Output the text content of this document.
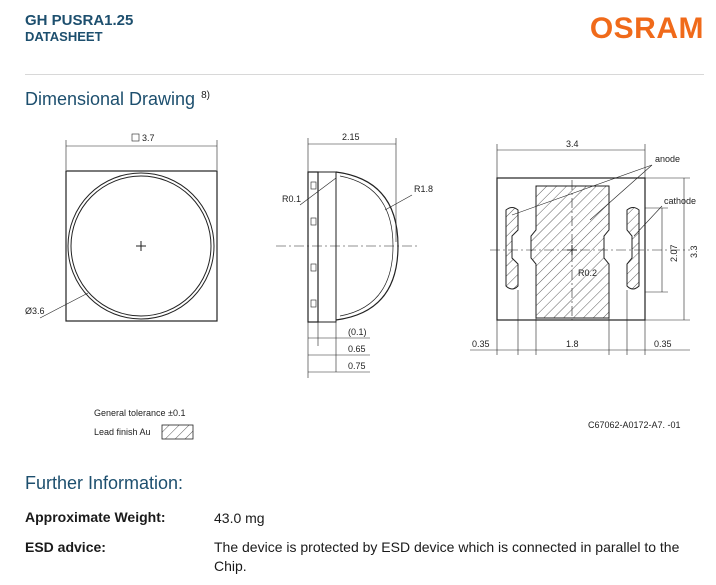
GH PUSRA1.25
DATASHEET	OSRAM
Dimensional Drawing $^{8)}$
3.7
Ø3.6
2.15
R0.1
R1.8
(0.1)
0.65
0.75
3.4
anode
cathode
R0.2
2.07 3.3
0.35	1.8	0.35
General tolerance ±0.1
Lead finish Au
C67062-A0172-A7. -01
Further Information:
Approximate Weight:	43.0 mg
ESD advice:	The device is protected by ESD device which is connected in parallel to the Chip.
